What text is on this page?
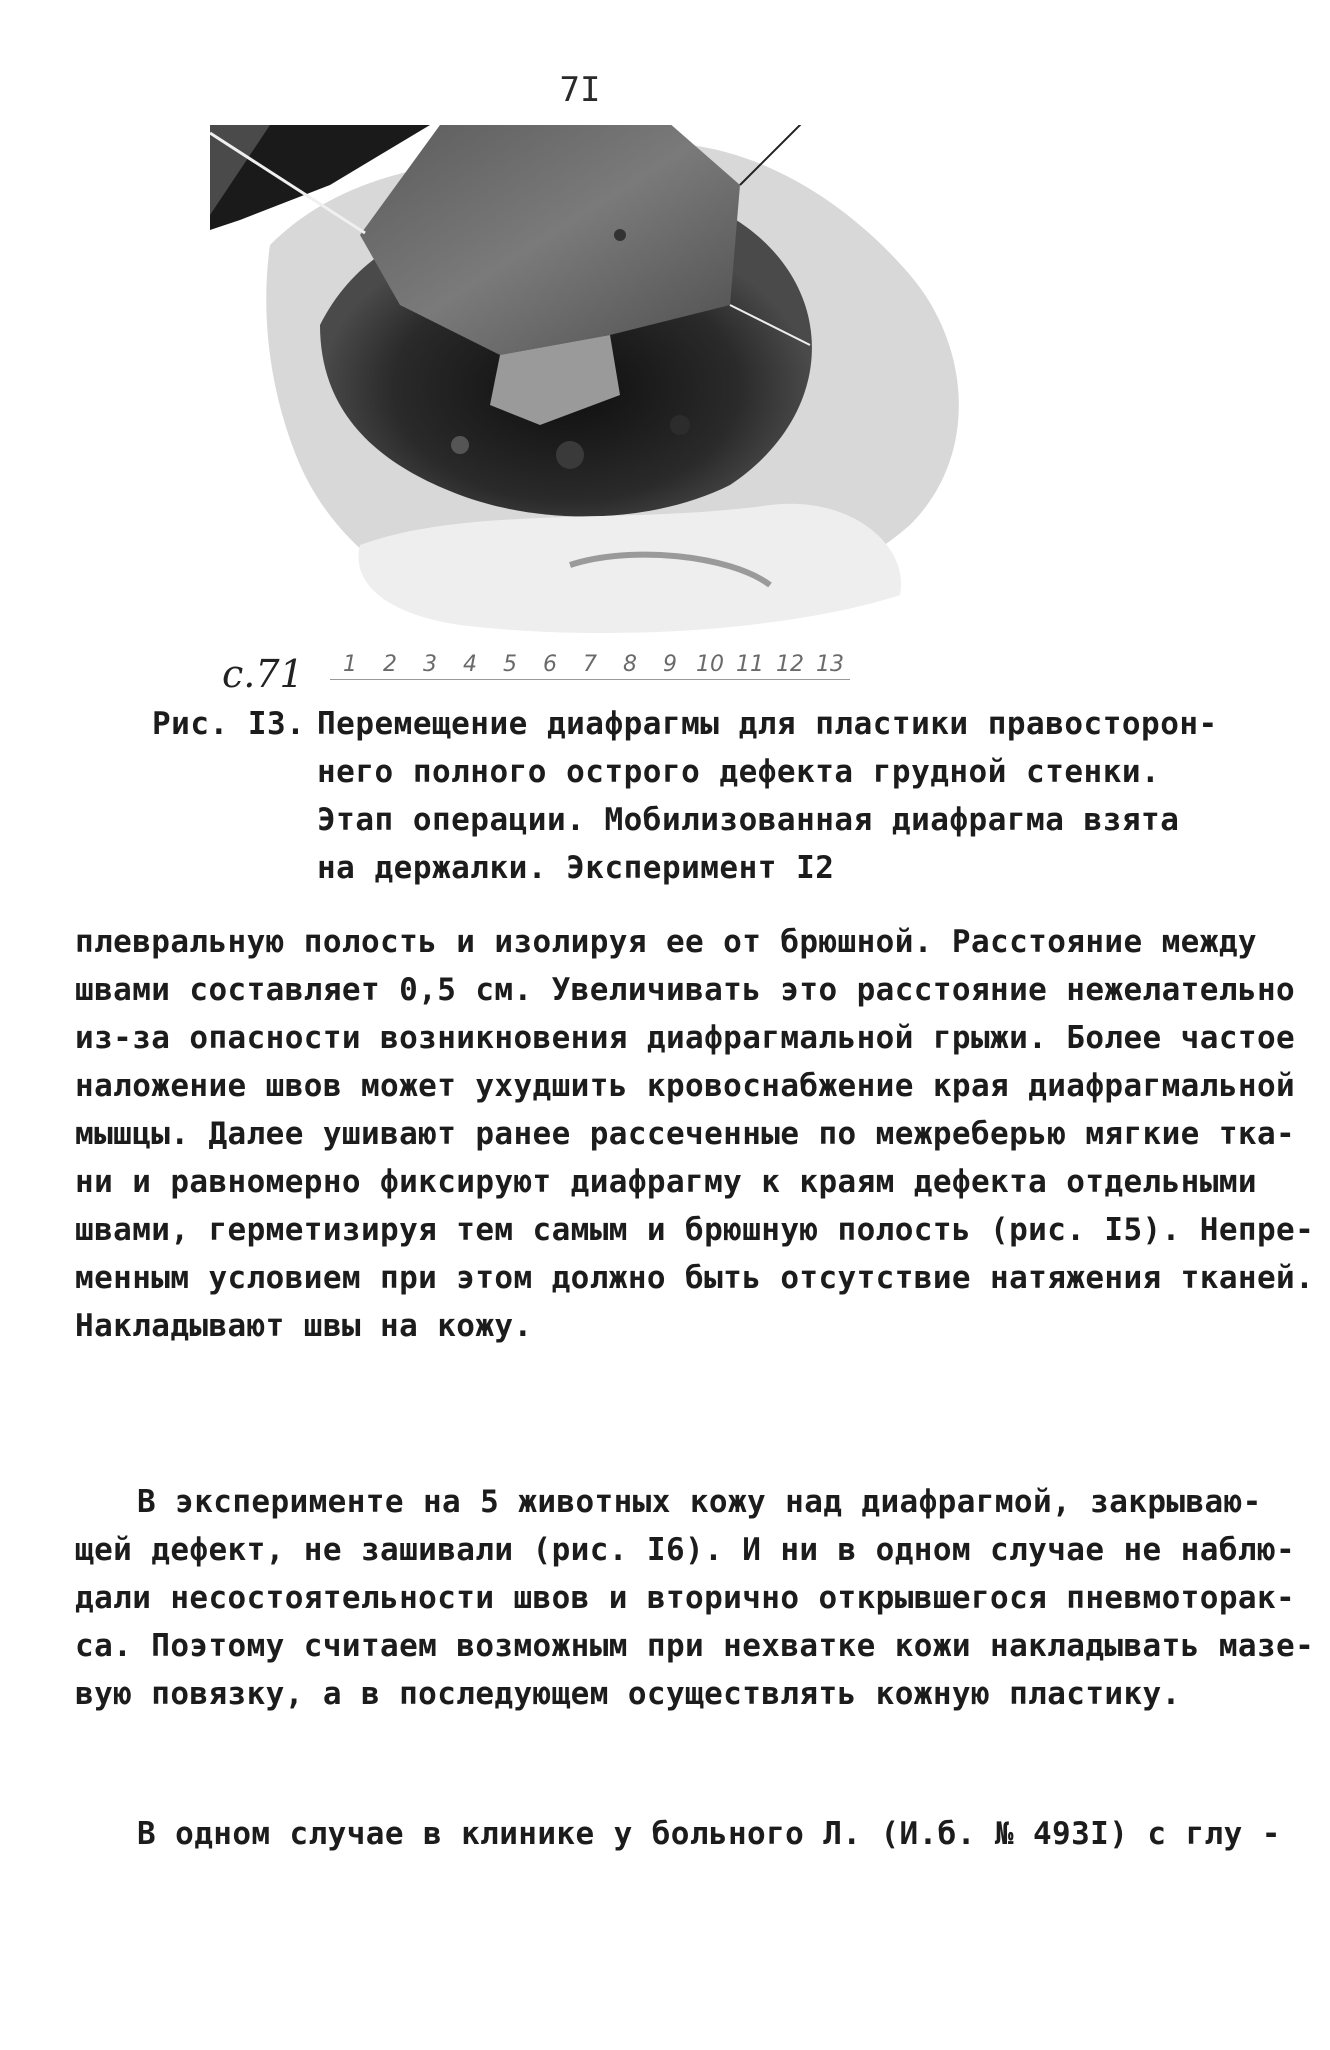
7I
с.71	1	2	3	4	5	6	7	8	9 10 11 12 13
Рис. I3. Перемещение диафрагмы для пластики правосторон-
него полного острого дефекта грудной стенки.
Этап операции. Мобилизованная диафрагма взята
на держалки. Эксперимент I2
плевральную полость и изолируя ее от брюшной. Расстояние между
швами составляет 0,5 см. Увеличивать это расстояние нежелательно
из-за опасности возникновения диафрагмальной грыжи. Более частое
наложение швов может ухудшить кровоснабжение края диафрагмальной
мышцы. Далее ушивают ранее рассеченные по межреберью мягкие тка-
ни и равномерно фиксируют диафрагму к краям дефекта отдельными
швами, герметизируя тем самым и брюшную полость (рис. I5). Непре-
менным условием при этом должно быть отсутствие натяжения тканей.
Накладывают швы на кожу.
В эксперименте на 5 животных кожу над диафрагмой, закрываю-
щей дефект, не зашивали (рис. I6). И ни в одном случае не наблю-
дали несостоятельности швов и вторично открывшегося пневмоторак-
са. Поэтому считаем возможным при нехватке кожи накладывать мазе-
вую повязку, а в последующем осуществлять кожную пластику.
В одном случае в клинике у больного Л. (И.б. № 493I) с глу -
